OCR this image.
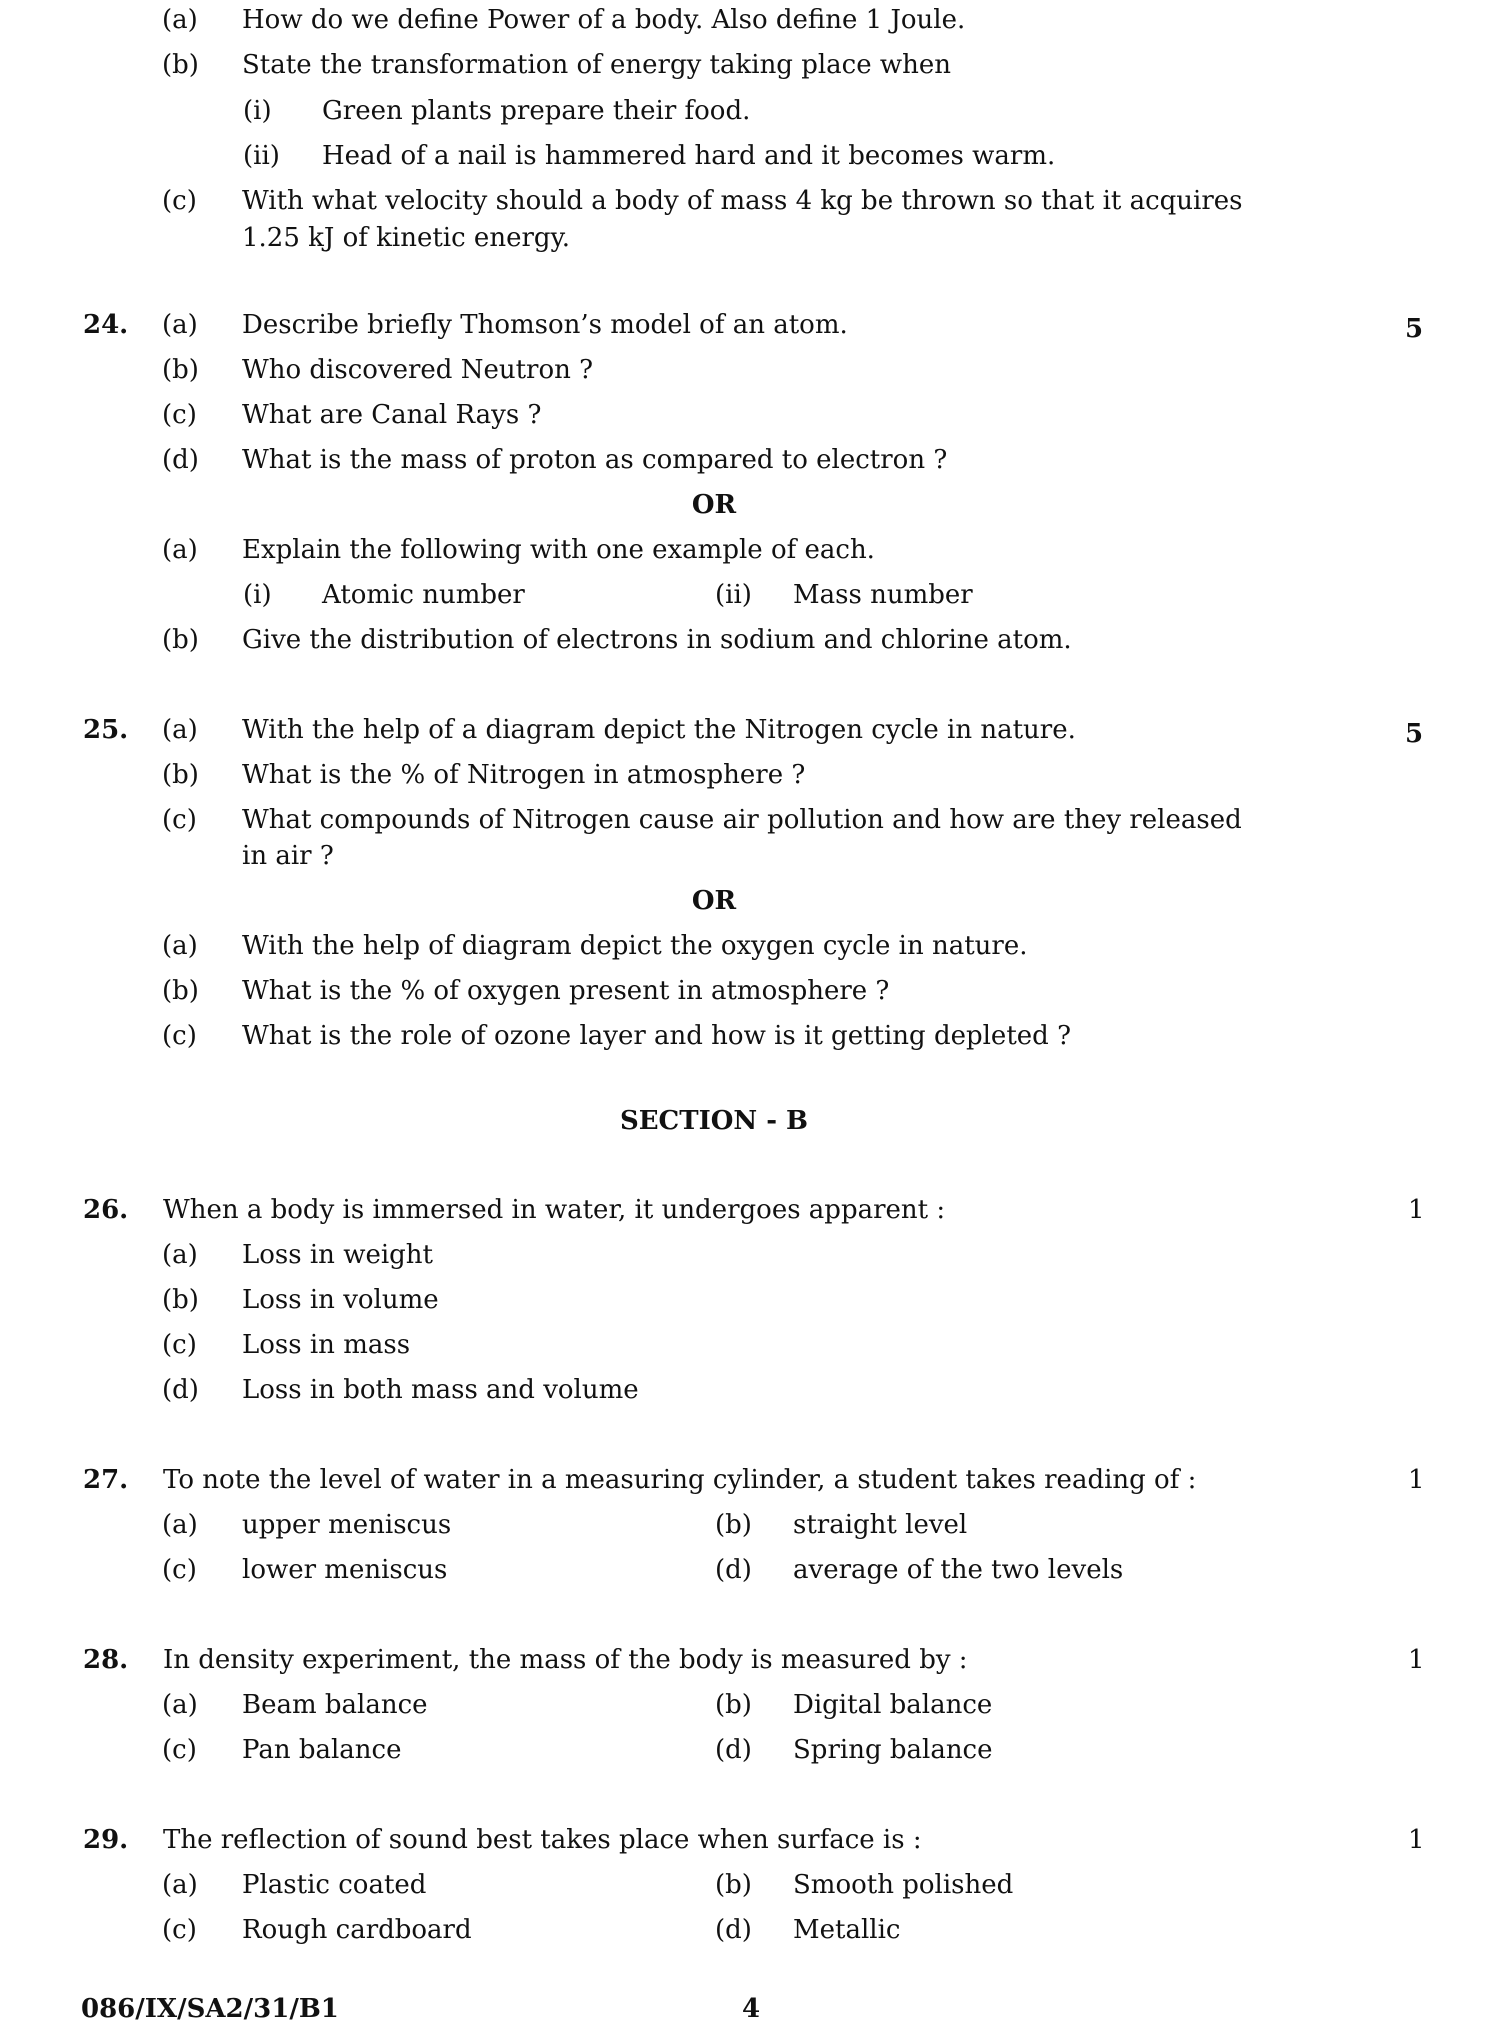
(a) How do we define Power of a body. Also define 1 Joule.
(b) State the transformation of energy taking place when
(i) Green plants prepare their food.
(ii) Head of a nail is hammered hard and it becomes warm.
(c) With what velocity should a body of mass 4 kg be thrown so that it acquires
1.25 kJ of kinetic energy.
24. (a) Describe briefly Thomson’s model of an atom.	5
(b) Who discovered Neutron ?
(c) What are Canal Rays ?
(d) What is the mass of proton as compared to electron ?
OR
(a) Explain the following with one example of each.
(i) Atomic number	(ii) Mass number
(b) Give the distribution of electrons in sodium and chlorine atom.
25. (a) With the help of a diagram depict the Nitrogen cycle in nature.	5
(b) What is the % of Nitrogen in atmosphere ?
(c) What compounds of Nitrogen cause air pollution and how are they released
in air ?
OR
(a) With the help of diagram depict the oxygen cycle in nature.
(b) What is the % of oxygen present in atmosphere ?
(c) What is the role of ozone layer and how is it getting depleted ?
SECTION - B
26. When a body is immersed in water, it undergoes apparent :	1
(a) Loss in weight
(b) Loss in volume
(c) Loss in mass
(d) Loss in both mass and volume
27. To note the level of water in a measuring cylinder, a student takes reading of :	1
(a) upper meniscus	(b) straight level
(c) lower meniscus	(d) average of the two levels
28. In density experiment, the mass of the body is measured by :	1
(a) Beam balance	(b) Digital balance
(c) Pan balance	(d) Spring balance
29. The reflection of sound best takes place when surface is :	1
(a) Plastic coated	(b) Smooth polished
(c) Rough cardboard	(d) Metallic
086/IX/SA2/31/B1	4
